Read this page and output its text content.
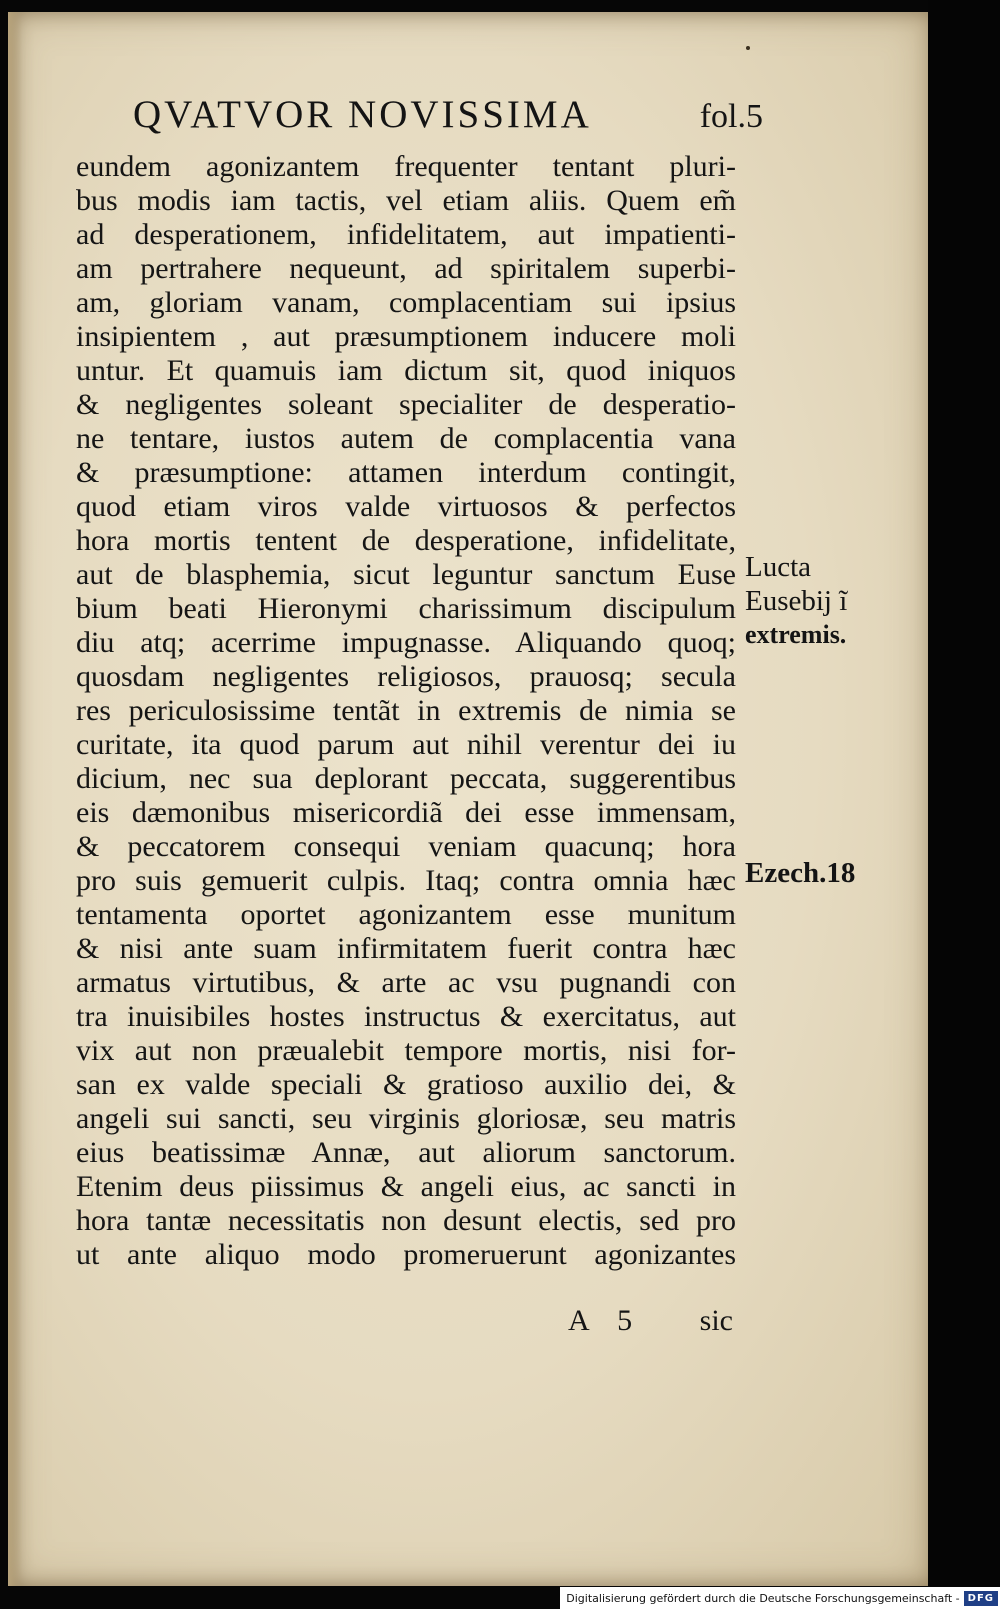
QVATVOR NOVISSIMA	fol.5
eundem agonizantem frequenter tentant pluri-
bus modis iam tactis, vel etiam aliis. Quem em̃
ad desperationem, infidelitatem, aut impatienti-
am pertrahere nequeunt, ad spiritalem superbi-
am, gloriam vanam, complacentiam sui ipsius
insipientem , aut præsumptionem inducere moli
untur. Et quamuis iam dictum sit, quod iniquos
& negligentes soleant specialiter de desperatio-
ne tentare, iustos autem de complacentia vana
& præsumptione: attamen interdum contingit,
quod etiam viros valde virtuosos & perfectos
hora mortis tentent de desperatione, infidelitate,
aut de blasphemia, sicut leguntur sanctum Euse
bium beati Hieronymi charissimum discipulum
diu atq; acerrime impugnasse. Aliquando quoq;
quosdam negligentes religiosos, prauosq; secula
res periculosissime tentãt in extremis de nimia se
curitate, ita quod parum aut nihil verentur dei iu
dicium, nec sua deplorant peccata, suggerentibus
eis dæmonibus misericordiã dei esse immensam,
& peccatorem consequi veniam quacunq; hora
pro suis gemuerit culpis. Itaq; contra omnia hæc
tentamenta oportet agonizantem esse munitum
& nisi ante suam infirmitatem fuerit contra hæc
armatus virtutibus, & arte ac vsu pugnandi con
tra inuisibiles hostes instructus & exercitatus, aut
vix aut non præualebit tempore mortis, nisi for-
san ex valde speciali & gratioso auxilio dei, &
angeli sui sancti, seu virginis gloriosæ, seu matris
eius beatissimæ Annæ, aut aliorum sanctorum.
Etenim deus piissimus & angeli eius, ac sancti in
hora tantæ necessitatis non desunt electis, sed pro
ut ante aliquo modo promeruerunt agonizantes
Lucta
Eusebij ĩ
extremis.
Ezech.18
A 5 sic
Digitalisierung gefördert durch die Deutsche Forschungsgemeinschaft - DFG
